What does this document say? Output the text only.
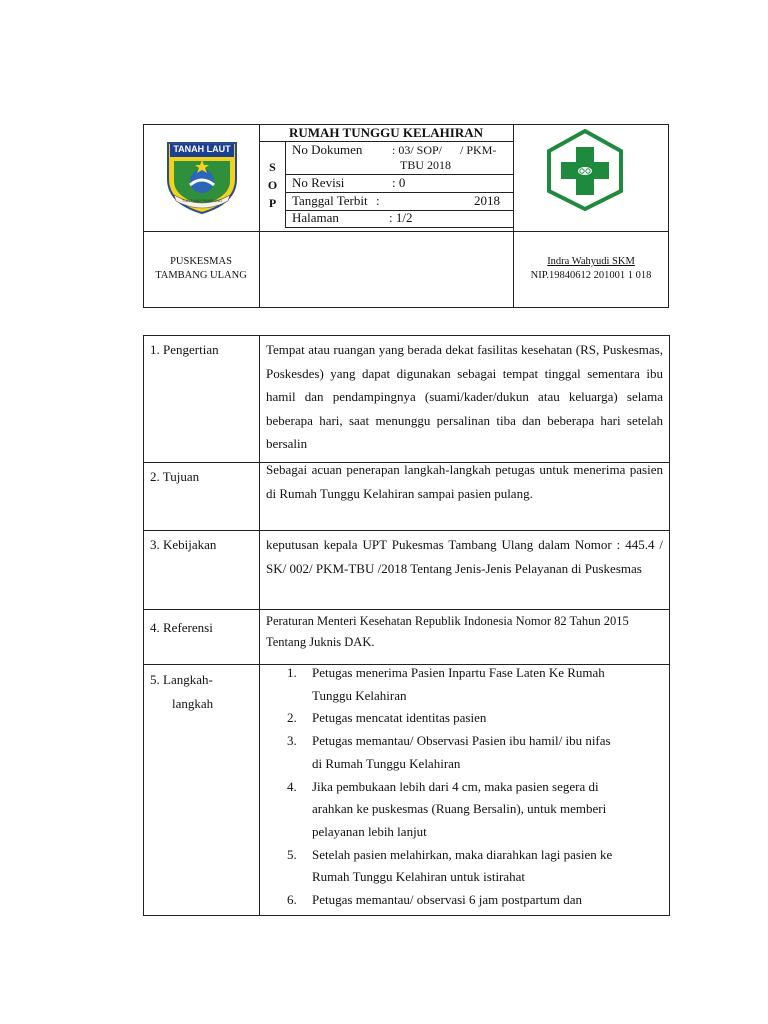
RUMAH TUNGGU KELAHIRAN
S
O
P
No Dokumen : 03/ SOP/      / PKM-
TBU 2018
No Revisi	: 0
Tanggal Terbit :	2018
Halaman	: 1/2
TANAH LAUT
TUNTUNG PANDANG
PUSKESMAS
TAMBANG ULANG
Indra Wahyudi SKM
NIP.19840612 201001 1 018
1. Pengertian	Tempat atau ruangan yang berada dekat fasilitas kesehatan (RS, Puskesmas, Poskesdes) yang dapat digunakan sebagai tempat tinggal sementara ibu hamil dan pendampingnya (suami/kader/dukun atau keluarga) selama beberapa hari, saat menunggu persalinan tiba dan beberapa hari setelah bersalin
2. Tujuan	Sebagai acuan penerapan langkah-langkah petugas untuk menerima pasien di Rumah Tunggu Kelahiran sampai pasien pulang.
3. Kebijakan	keputusan kepala UPT Pukesmas Tambang Ulang dalam Nomor : 445.4 / SK/ 002/ PKM-TBU /2018 Tentang Jenis-Jenis Pelayanan di Puskesmas
4. Referensi	Peraturan Menteri Kesehatan Republik Indonesia Nomor 82 Tahun 2015 Tentang Juknis DAK.
5. Langkah-
langkah
1.	Petugas menerima Pasien Inpartu Fase Laten Ke Rumah
Tunggu Kelahiran
2.	Petugas mencatat identitas pasien
3.	Petugas memantau/ Observasi Pasien ibu hamil/ ibu nifas
di Rumah Tunggu Kelahiran
4.	Jika pembukaan lebih dari 4 cm, maka pasien segera di
arahkan ke puskesmas (Ruang Bersalin), untuk memberi
pelayanan lebih lanjut
5.	Setelah pasien melahirkan, maka diarahkan lagi pasien ke
Rumah Tunggu Kelahiran untuk istirahat
6.	Petugas memantau/ observasi 6 jam postpartum dan
